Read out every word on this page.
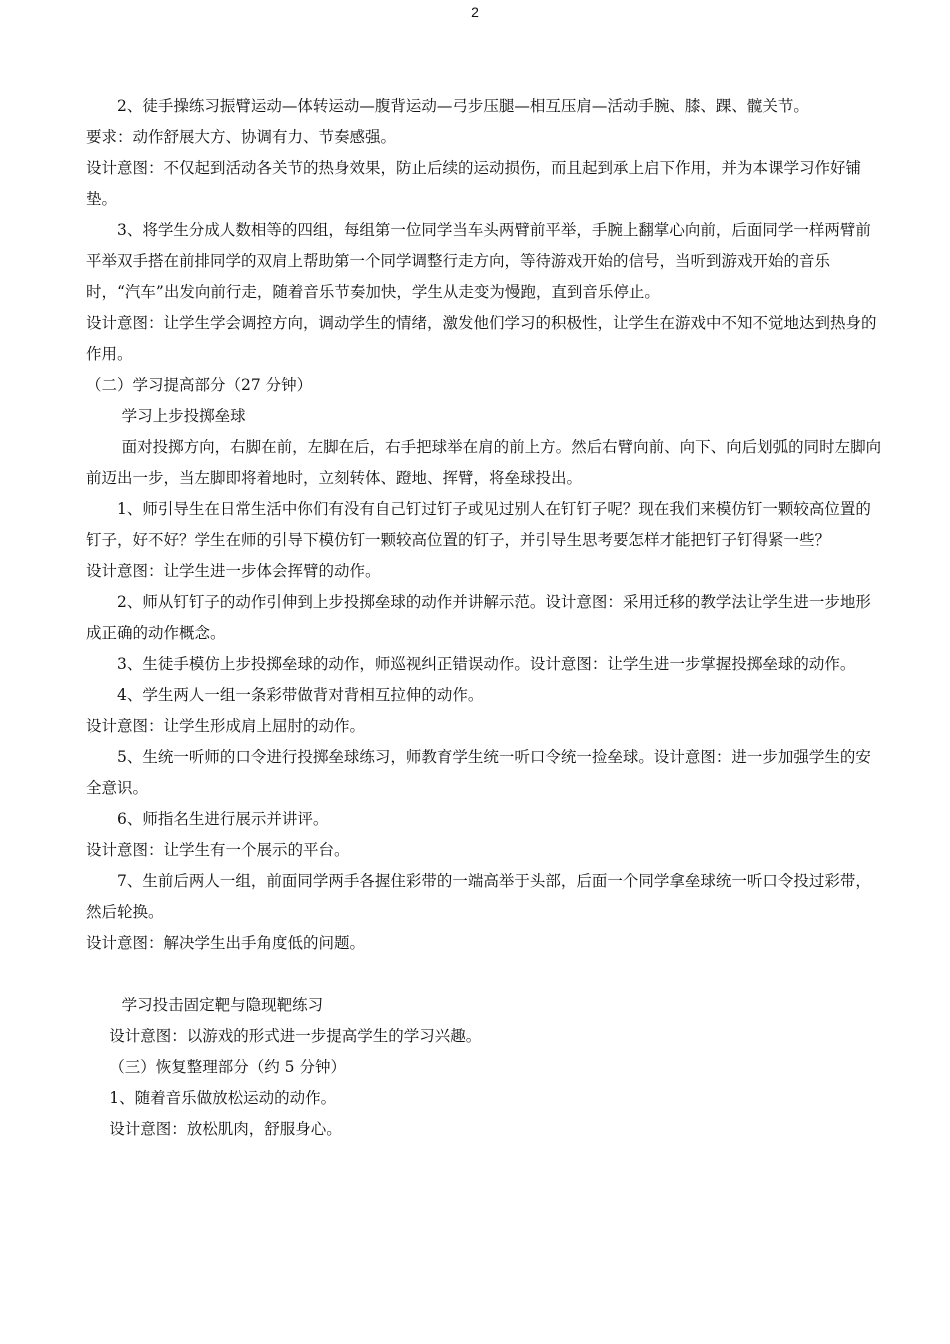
2

2、徒手操练习振臂运动—体转运动—腹背运动—弓步压腿—相互压肩—活动手腕、膝、踝、髋关节。

要求：动作舒展大方、协调有力、节奏感强。

设计意图：不仅起到活动各关节的热身效果，防止后续的运动损伤，而且起到承上启下作用，并为本课学习作好铺垫。

3、将学生分成人数相等的四组，每组第一位同学当车头两臂前平举，手腕上翻掌心向前，后面同学一样两臂前平举双手搭在前排同学的双肩上帮助第一个同学调整行走方向，等待游戏开始的信号，当听到游戏开始的音乐时，“汽车”出发向前行走，随着音乐节奏加快，学生从走变为慢跑，直到音乐停止。

设计意图：让学生学会调控方向，调动学生的情绪，激发他们学习的积极性，让学生在游戏中不知不觉地达到热身的作用。

（二）学习提高部分（27 分钟）

学习上步投掷垒球

面对投掷方向，右脚在前，左脚在后，右手把球举在肩的前上方。然后右臂向前、向下、向后划弧的同时左脚向前迈出一步，当左脚即将着地时，立刻转体、蹬地、挥臂，将垒球投出。

1、师引导生在日常生活中你们有没有自己钉过钉子或见过别人在钉钉子呢？现在我们来模仿钉一颗较高位置的钉子，好不好？学生在师的引导下模仿钉一颗较高位置的钉子，并引导生思考要怎样才能把钉子钉得紧一些？

设计意图：让学生进一步体会挥臂的动作。

2、师从钉钉子的动作引伸到上步投掷垒球的动作并讲解示范。设计意图：采用迁移的教学法让学生进一步地形成正确的动作概念。

3、生徒手模仿上步投掷垒球的动作，师巡视纠正错误动作。设计意图：让学生进一步掌握投掷垒球的动作。

4、学生两人一组一条彩带做背对背相互拉伸的动作。

设计意图：让学生形成肩上屈肘的动作。

5、生统一听师的口令进行投掷垒球练习，师教育学生统一听口令统一捡垒球。设计意图：进一步加强学生的安全意识。

6、师指名生进行展示并讲评。

设计意图：让学生有一个展示的平台。

7、生前后两人一组，前面同学两手各握住彩带的一端高举于头部，后面一个同学拿垒球统一听口令投过彩带，然后轮换。

设计意图：解决学生出手角度低的问题。

学习投击固定靶与隐现靶练习

设计意图：以游戏的形式进一步提高学生的学习兴趣。

（三）恢复整理部分（约 5 分钟）

1、随着音乐做放松运动的动作。

设计意图：放松肌肉，舒服身心。
